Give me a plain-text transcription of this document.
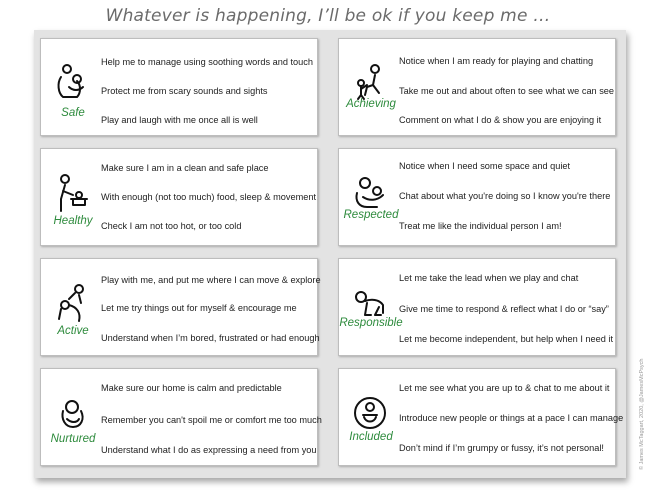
Whatever is happening, I’ll be ok if you keep me …
Safe
Help me to manage using soothing words and touch
Protect me from scary sounds and sights
Play and laugh with me once all is well
Achieving
Notice when I am ready for playing and chatting
Take me out and about often to see what we can see
Comment on what I do & show you are enjoying it
Healthy
Make sure I am in a clean and safe place
With enough (not too much) food, sleep & movement
Check I am not too hot, or too cold
Respected
Notice when I need some space and quiet
Chat about what you're doing so I know you're there
Treat me like the individual person I am!
Active
Play with me, and put me where I can move & explore
Let me try things out for myself & encourage me
Understand when I’m bored, frustrated or had enough
Responsible
Let me take the lead when we play and chat
Give me time to respond & reflect what I do or “say”
Let me become independent, but help when I need it
Nurtured
Make sure our home is calm and predictable
Remember you can't spoil me or comfort me too much
Understand what I do as expressing a need from you
Included
Let me see what you are up to & chat to me about it
Introduce new people or things at a pace I can manage
Don’t mind if I’m grumpy or fussy, it’s not personal!	© James McTaggart, 2020, @JamesMcPsych
